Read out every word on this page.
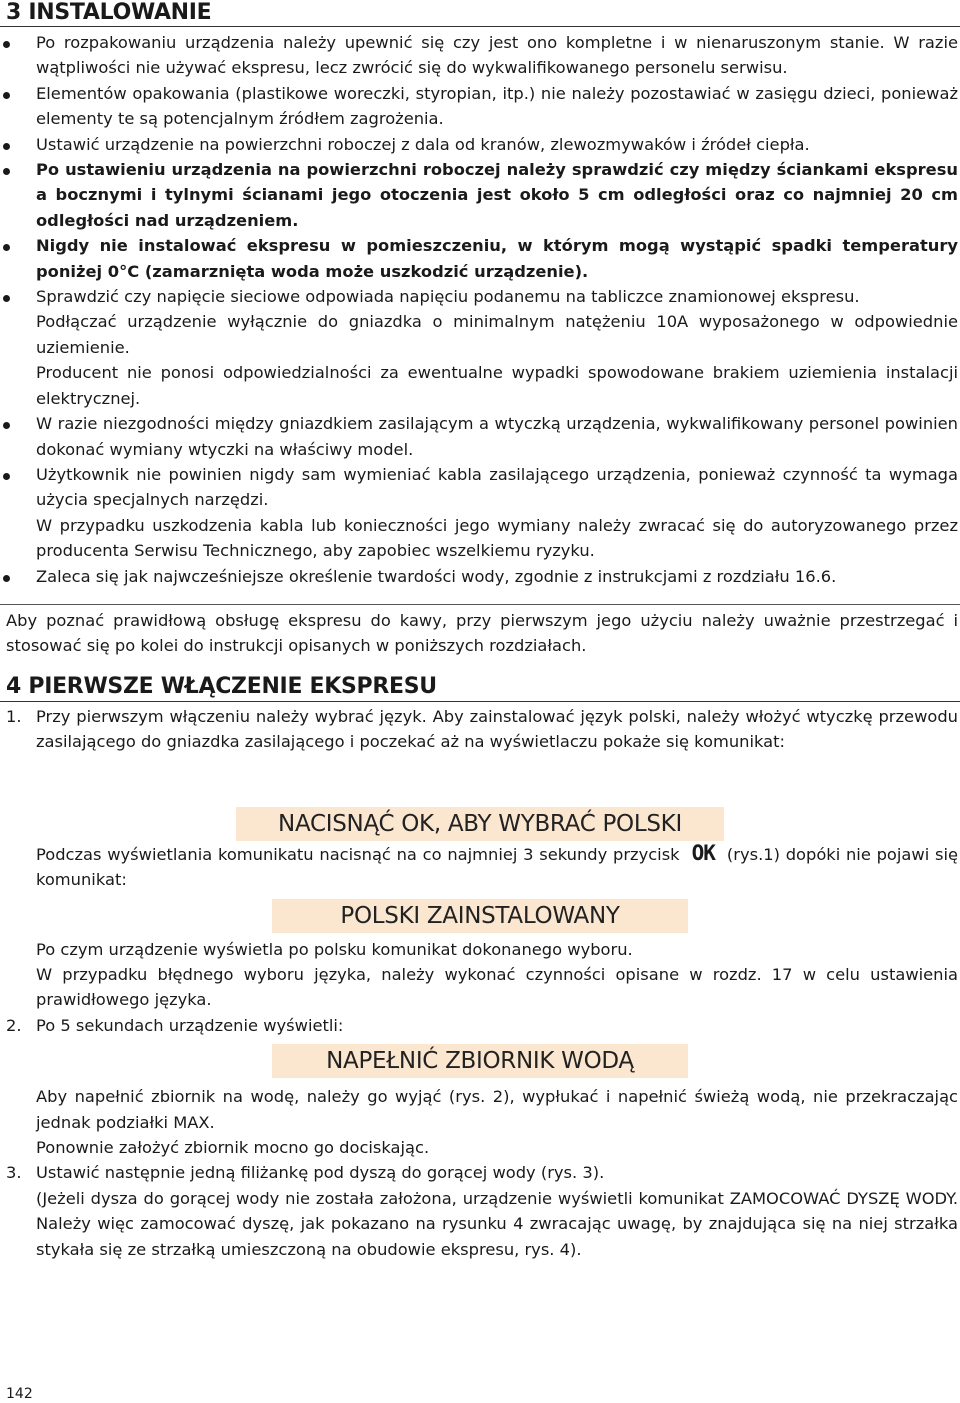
3 INSTALOWANIE
Po rozpakowaniu urządzenia należy upewnić się czy jest ono kompletne i w nienaruszonym stanie. W razie wątpliwości nie używać ekspresu, lecz zwrócić się do wykwalifikowanego personelu serwisu.
Elementów opakowania (plastikowe woreczki, styropian, itp.) nie należy pozostawiać w zasięgu dzieci, ponieważ elementy te są potencjalnym źródłem zagrożenia.
Ustawić urządzenie na powierzchni roboczej z dala od kranów, zlewozmywaków i źródeł ciepła.
Po ustawieniu urządzenia na powierzchni roboczej należy sprawdzić czy między ściankami ekspresu a bocznymi i tylnymi ścianami jego otoczenia jest około 5 cm odległości oraz co najmniej 20 cm odległości nad urządzeniem.
Nigdy nie instalować ekspresu w pomieszczeniu, w którym mogą wystąpić spadki temperatury poniżej 0°C (zamarznięta woda może uszkodzić urządzenie).
Sprawdzić czy napięcie sieciowe odpowiada napięciu podanemu na tabliczce znamionowej ekspresu.

Podłączać urządzenie wyłącznie do gniazdka o minimalnym natężeniu 10A wyposażonego w odpowiednie uziemienie.

Producent nie ponosi odpowiedzialności za ewentualne wypadki spowodowane brakiem uziemienia instalacji elektrycznej.

W razie niezgodności między gniazdkiem zasilającym a wtyczką urządzenia, wykwalifikowany personel powinien dokonać wymiany wtyczki na właściwy model.
Użytkownik nie powinien nigdy sam wymieniać kabla zasilającego urządzenia, ponieważ czynność ta wymaga użycia specjalnych narzędzi.

W przypadku uszkodzenia kabla lub konieczności jego wymiany należy zwracać się do autoryzowanego przez producenta Serwisu Technicznego, aby zapobiec wszelkiemu ryzyku.

Zaleca się jak najwcześniejsze określenie twardości wody, zgodnie z instrukcjami z rozdziału 16.6.

Aby poznać prawidłową obsługę ekspresu do kawy, przy pierwszym jego użyciu należy uważnie przestrzegać i stosować się po kolei do instrukcji opisanych w poniższych rozdziałach.

4 PIERWSZE WŁĄCZENIE EKSPRESU
1. Przy pierwszym włączeniu należy wybrać język. Aby zainstalować język polski, należy włożyć wtyczkę przewodu zasilającego do gniazdka zasilającego i poczekać aż na wyświetlaczu pokaże się komunikat:
NACISNĄĆ OK, ABY WYBRAĆ POLSKI

Podczas wyświetlania komunikatu nacisnąć na co najmniej 3 sekundy przycisk OK (rys.1) dopóki nie pojawi się komunikat:

POLSKI ZAINSTALOWANY

Po czym urządzenie wyświetla po polsku komunikat dokonanego wyboru.

W przypadku błędnego wyboru języka, należy wykonać czynności opisane w rozdz. 17 w celu ustawienia prawidłowego języka.

2. Po 5 sekundach urządzenie wyświetli:
NAPEŁNIĆ ZBIORNIK WODĄ

Aby napełnić zbiornik na wodę, należy go wyjąć (rys. 2), wypłukać i napełnić świeżą wodą, nie przekraczając jednak podziałki MAX.

Ponownie założyć zbiornik mocno go dociskając.

3. Ustawić następnie jedną filiżankę pod dyszą do gorącej wody (rys. 3).

(Jeżeli dysza do gorącej wody nie została założona, urządzenie wyświetli komunikat ZAMOCOWAĆ DYSZĘ WODY. Należy więc zamocować dyszę, jak pokazano na rysunku 4 zwracając uwagę, by znajdująca się na niej strzałka stykała się ze strzałką umieszczoną na obudowie ekspresu, rys. 4).

142
